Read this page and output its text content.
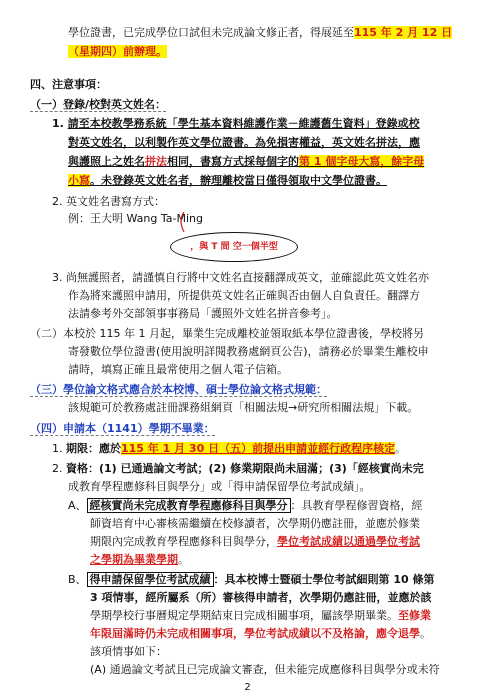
學位證書，已完成學位口試但未完成論文修正者，得展延至115 年 2 月 12 日
（星期四）前辦理。
四、注意事項：
（一）登錄/校對英文姓名：
1. 請至本校教學務系統「學生基本資料維護作業－維護舊生資料」登錄或校
對英文姓名，以利製作英文學位證書。為免損害權益，英文姓名拼法，應
與護照上之姓名拼法相同，書寫方式採每個字的第 1 個字母大寫，餘字母
小寫。未登錄英文姓名者，辦理離校當日僅得領取中文學位證書。
2. 英文姓名書寫方式：
例：王大明 Wang Ta-Ming
，與 T 間 空一個半型
3. 尚無護照者，請謹慎自行將中文姓名直接翻譯成英文，並確認此英文姓名亦
作為將來護照申請用，所提供英文姓名正確與否由個人自負責任。翻譯方
法請參考外交部領事事務局「護照外文姓名拼音參考」。
（二）本校於 115 年 1 月起，畢業生完成離校並領取紙本學位證書後，學校將另
寄發數位學位證書(使用說明詳閱教務處網頁公告)，請務必於畢業生離校申
請時，填寫正確且最常使用之個人電子信箱。
（三）學位論文格式應合於本校博、碩士學位論文格式規範：
該規範可於教務處註冊課務組網頁「相關法規→研究所相關法規」下載。
（四）申請本（1141）學期不畢業：
1. 期限：應於115 年 1 月 30 日（五）前提出申請並經行政程序核定。
2. 資格：(1) 已通過論文考試；(2) 修業期限尚未屆滿；(3)「經核實尚未完
成教育學程應修科目與學分」或「得申請保留學位考試成績」。
A、 經核實尚未完成教育學程應修科目與學分 ：具教育學程修習資格，經
師資培育中心審核需繼續在校修讀者，次學期仍應註冊，並應於修業
期限內完成教育學程應修科目與學分，學位考試成績以通過學位考試
之學期為畢業學期。
B、 得申請保留學位考試成績 ：具本校博士暨碩士學位考試細則第 10 條第
3 項情事，經所屬系（所）審核得申請者，次學期仍應註冊，並應於該
學期學校行事曆規定學期結束日完成相關事項，屬該學期畢業。至修業
年限屆滿時仍未完成相關事項，學位考試成績以不及格論，應令退學。
該項情事如下：
(A) 通過論文考試且已完成論文審查，但未能完成應修科目與學分或未符
2
